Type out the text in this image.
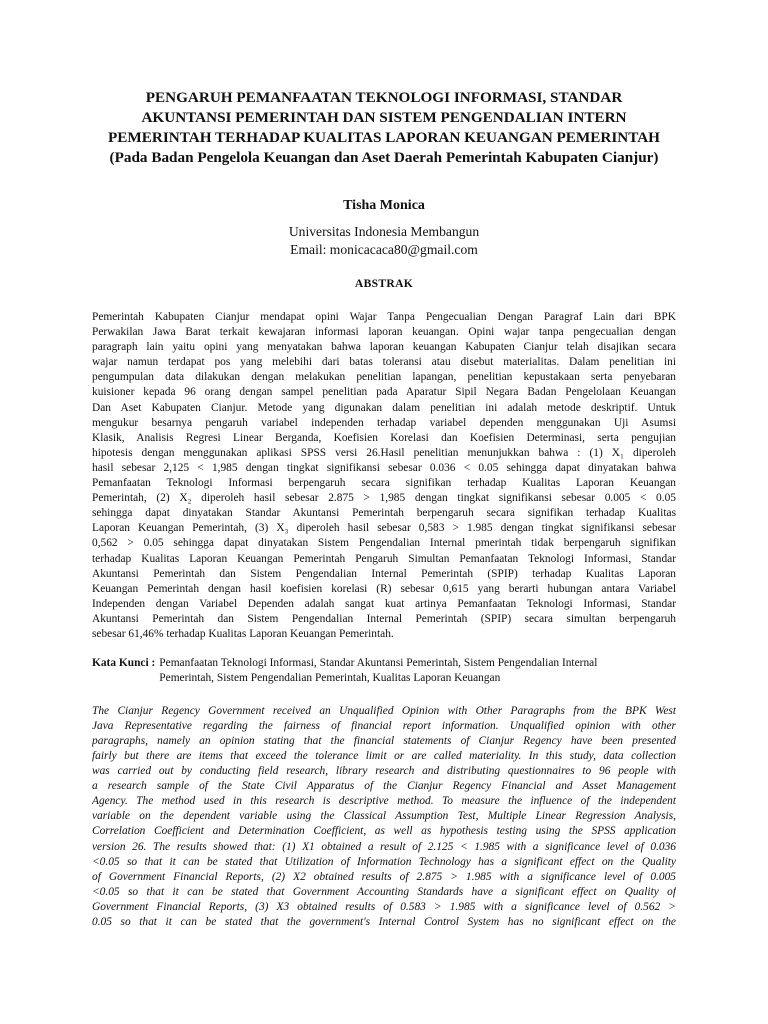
PENGARUH PEMANFAATAN TEKNOLOGI INFORMASI, STANDAR
AKUNTANSI PEMERINTAH DAN SISTEM PENGENDALIAN INTERN
PEMERINTAH TERHADAP KUALITAS LAPORAN KEUANGAN PEMERINTAH
(Pada Badan Pengelola Keuangan dan Aset Daerah Pemerintah Kabupaten Cianjur)
Tisha Monica
Universitas Indonesia Membangun
Email: monicacaca80@gmail.com
ABSTRAK
Pemerintah Kabupaten Cianjur mendapat opini Wajar Tanpa Pengecualian Dengan Paragraf Lain dari BPK
Perwakilan Jawa Barat terkait kewajaran informasi laporan keuangan. Opini wajar tanpa pengecualian dengan
paragraph lain yaitu opini yang menyatakan bahwa laporan keuangan Kabupaten Cianjur telah disajikan secara
wajar namun terdapat pos yang melebihi dari batas toleransi atau disebut materialitas. Dalam penelitian ini
pengumpulan data dilakukan dengan melakukan penelitian lapangan, penelitian kepustakaan serta penyebaran
kuisioner kepada 96 orang dengan sampel penelitian pada Aparatur Sipil Negara Badan Pengelolaan Keuangan
Dan Aset Kabupaten Cianjur. Metode yang digunakan dalam penelitian ini adalah metode deskriptif. Untuk
mengukur besarnya pengaruh variabel independen terhadap variabel dependen menggunakan Uji Asumsi
Klasik, Analisis Regresi Linear Berganda, Koefisien Korelasi dan Koefisien Determinasi, serta pengujian
hipotesis dengan menggunakan aplikasi SPSS versi 26.Hasil penelitian menunjukkan bahwa : (1) X₁ diperoleh
hasil sebesar 2,125 < 1,985 dengan tingkat signifikansi sebesar 0.036 < 0.05 sehingga dapat dinyatakan bahwa
Pemanfaatan Teknologi Informasi berpengaruh secara signifikan terhadap Kualitas Laporan Keuangan
Pemerintah, (2) X₂ diperoleh hasil sebesar 2.875 > 1,985 dengan tingkat signifikansi sebesar 0.005 < 0.05
sehingga dapat dinyatakan Standar Akuntansi Pemerintah berpengaruh secara signifikan terhadap Kualitas
Laporan Keuangan Pemerintah, (3) X₃ diperoleh hasil sebesar 0,583 > 1.985 dengan tingkat signifikansi sebesar
0,562 > 0.05 sehingga dapat dinyatakan Sistem Pengendalian Internal pmerintah tidak berpengaruh signifikan
terhadap Kualitas Laporan Keuangan Pemerintah Pengaruh Simultan Pemanfaatan Teknologi Informasi, Standar
Akuntansi Pemerintah dan Sistem Pengendalian Internal Pemerintah (SPIP) terhadap Kualitas Laporan
Keuangan Pemerintah dengan hasil koefisien korelasi (R) sebesar 0,615 yang berarti hubungan antara Variabel
Independen dengan Variabel Dependen adalah sangat kuat artinya Pemanfaatan Teknologi Informasi, Standar
Akuntansi Pemerintah dan Sistem Pengendalian Internal Pemerintah (SPIP) secara simultan berpengaruh
sebesar 61,46% terhadap Kualitas Laporan Keuangan Pemerintah.
Kata Kunci : Pemanfaatan Teknologi Informasi, Standar Akuntansi Pemerintah, Sistem Pengendalian Internal
Pemerintah, Sistem Pengendalian Pemerintah, Kualitas Laporan Keuangan
The Cianjur Regency Government received an Unqualified Opinion with Other Paragraphs from the BPK West
Java Representative regarding the fairness of financial report information. Unqualified opinion with other
paragraphs, namely an opinion stating that the financial statements of Cianjur Regency have been presented
fairly but there are items that exceed the tolerance limit or are called materiality. In this study, data collection
was carried out by conducting field research, library research and distributing questionnaires to 96 people with
a research sample of the State Civil Apparatus of the Cianjur Regency Financial and Asset Management
Agency. The method used in this research is descriptive method. To measure the influence of the independent
variable on the dependent variable using the Classical Assumption Test, Multiple Linear Regression Analysis,
Correlation Coefficient and Determination Coefficient, as well as hypothesis testing using the SPSS application
version 26. The results showed that: (1) X1 obtained a result of 2.125 < 1.985 with a significance level of 0.036
<0.05 so that it can be stated that Utilization of Information Technology has a significant effect on the Quality
of Government Financial Reports, (2) X2 obtained results of 2.875 > 1.985 with a significance level of 0.005
<0.05 so that it can be stated that Government Accounting Standards have a significant effect on Quality of
Government Financial Reports, (3) X3 obtained results of 0.583 > 1.985 with a significance level of 0.562 >
0.05 so that it can be stated that the government's Internal Control System has no significant effect on the
